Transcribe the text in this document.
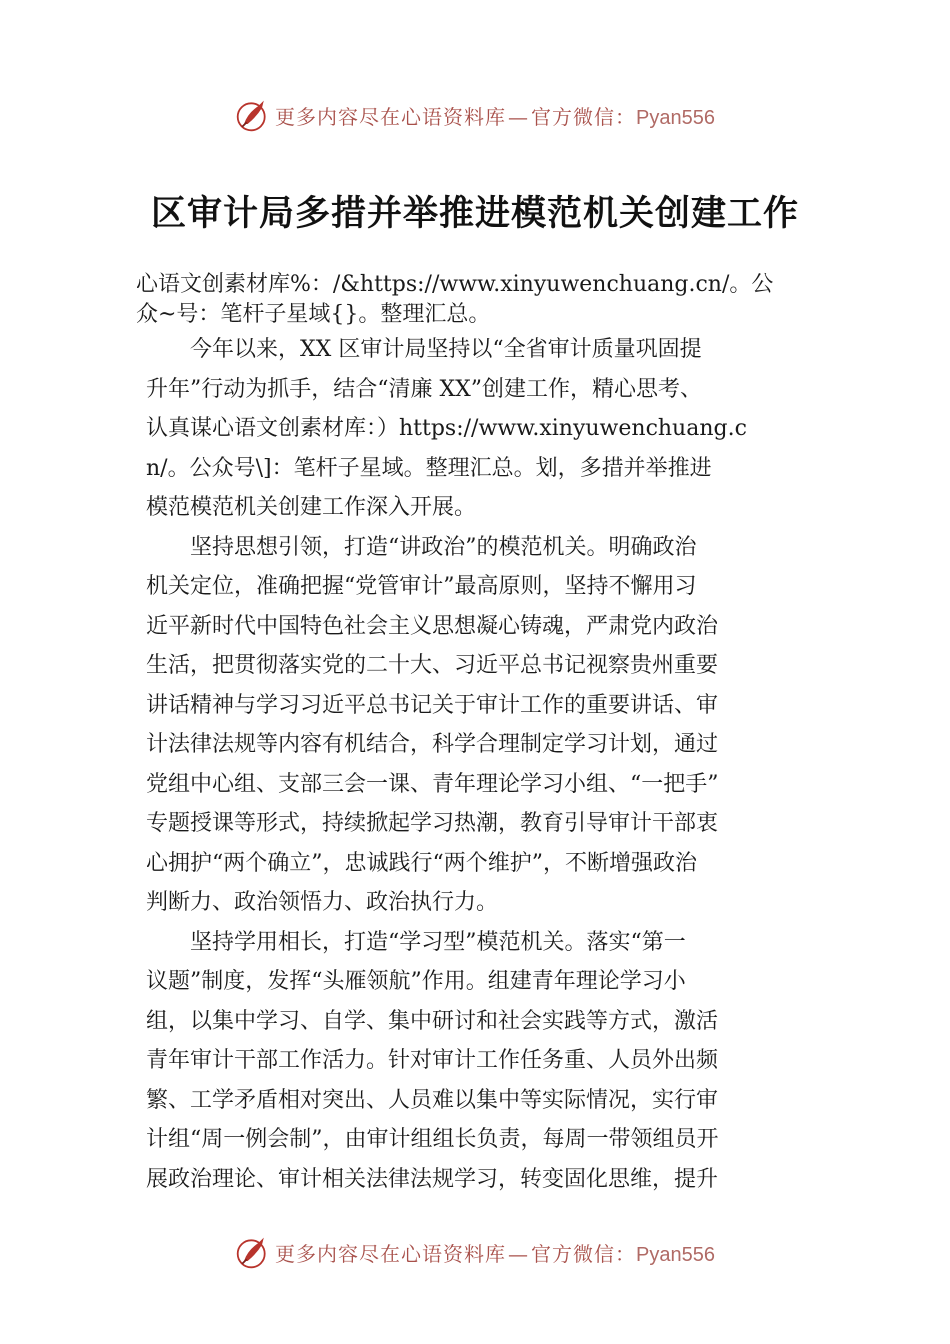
更多内容尽在心语资料库 — 官方微信：Pyan556
区审计局多措并举推进模范机关创建工作
心语文创素材库%：/&https://www.xinyuwenchuang.cn/。公
众~号：笔杆子星域{}。整理汇总。
　　今年以来，XX 区审计局坚持以“全省审计质量巩固提
升年”行动为抓手，结合“清廉 XX”创建工作，精心思考、
认真谋心语文创素材库：）https://www.xinyuwenchuang.c
n/。公众号\]：笔杆子星域。整理汇总。划，多措并举推进
模范模范机关创建工作深入开展。
　　坚持思想引领，打造“讲政治”的模范机关。明确政治
机关定位，准确把握“党管审计”最高原则，坚持不懈用习
近平新时代中国特色社会主义思想凝心铸魂，严肃党内政治
生活，把贯彻落实党的二十大、习近平总书记视察贵州重要
讲话精神与学习习近平总书记关于审计工作的重要讲话、审
计法律法规等内容有机结合，科学合理制定学习计划，通过
党组中心组、支部三会一课、青年理论学习小组、“一把手”
专题授课等形式，持续掀起学习热潮，教育引导审计干部衷
心拥护“两个确立”，忠诚践行“两个维护”，不断增强政治
判断力、政治领悟力、政治执行力。
　　坚持学用相长，打造“学习型”模范机关。落实“第一
议题”制度，发挥“头雁领航”作用。组建青年理论学习小
组，以集中学习、自学、集中研讨和社会实践等方式，激活
青年审计干部工作活力。针对审计工作任务重、人员外出频
繁、工学矛盾相对突出、人员难以集中等实际情况，实行审
计组“周一例会制”，由审计组组长负责，每周一带领组员开
展政治理论、审计相关法律法规学习，转变固化思维，提升
更多内容尽在心语资料库 — 官方微信：Pyan556
